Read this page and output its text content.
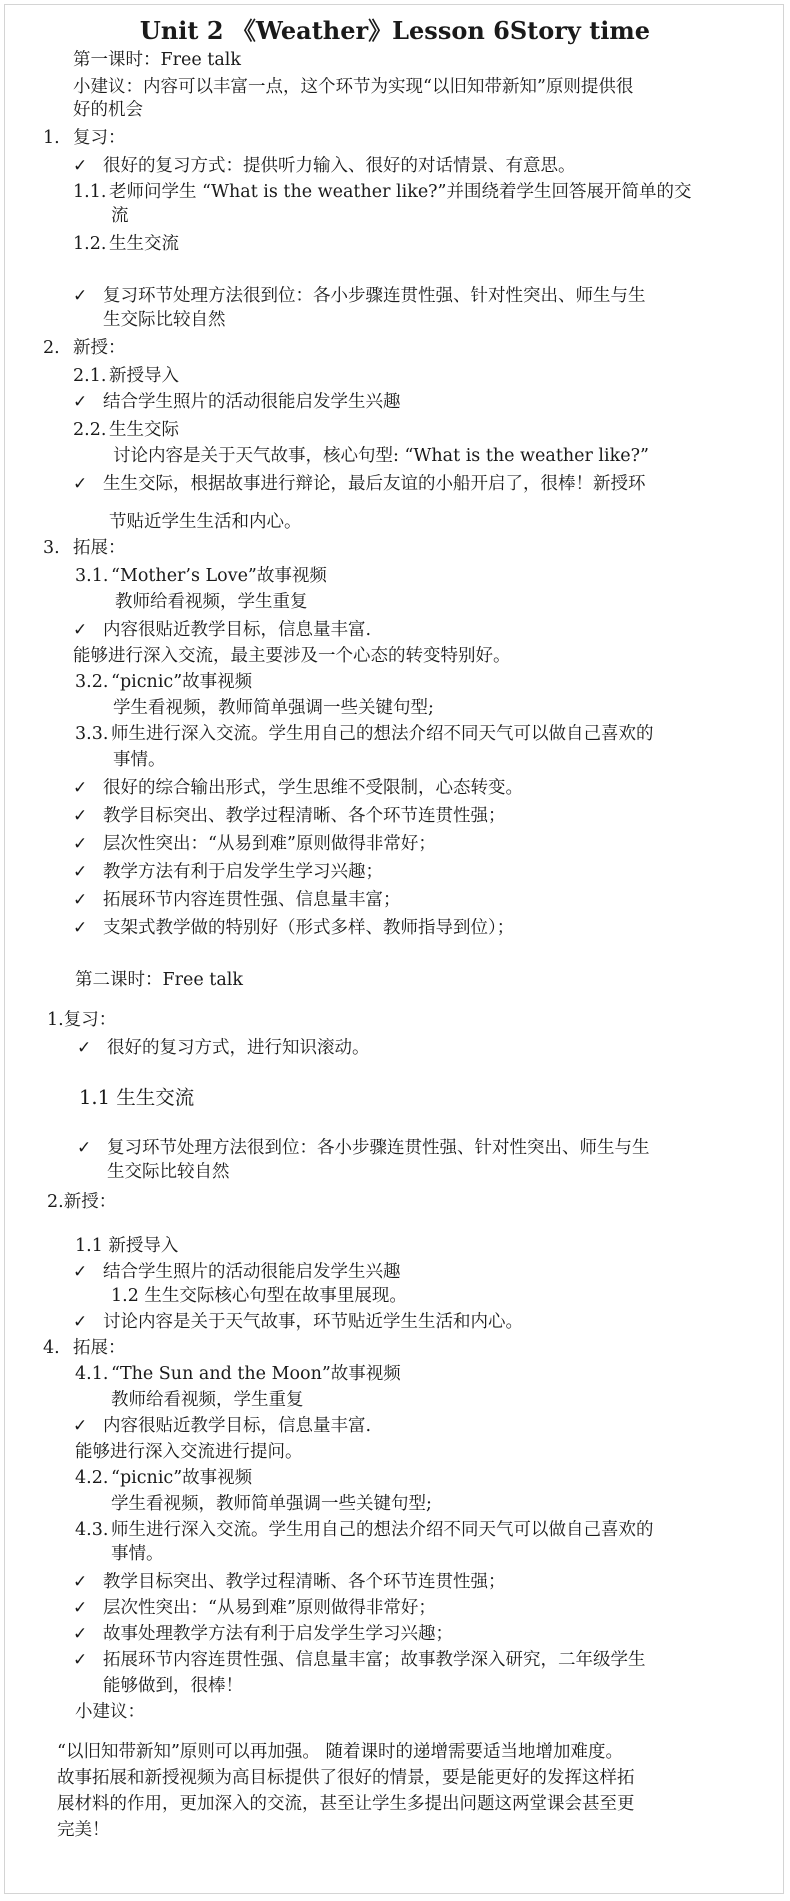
Unit 2 《Weather》Lesson 6Story time
第一课时：Free talk
小建议：内容可以丰富一点，这个环节为实现“以旧知带新知”原则提供很
好的机会
1. 复习：
✓ 很好的复习方式：提供听力输入、很好的对话情景、有意思。
1.1. 老师问学生 “What is the weather like?”并围绕着学生回答展开简单的交
流
1.2. 生生交流
✓ 复习环节处理方法很到位：各小步骤连贯性强、针对性突出、师生与生
生交际比较自然
2. 新授：
2.1. 新授导入
✓ 结合学生照片的活动很能启发学生兴趣
2.2. 生生交际
讨论内容是关于天气故事，核心句型: “What is the weather like?”
✓ 生生交际，根据故事进行辩论，最后友谊的小船开启了，很棒！新授环
节贴近学生生活和内心。
3. 拓展：
3.1. “Mother’s Love”故事视频
教师给看视频，学生重复
✓ 内容很贴近教学目标，信息量丰富.
能够进行深入交流，最主要涉及一个心态的转变特别好。
3.2. “picnic”故事视频
学生看视频，教师简单强调一些关键句型;
3.3. 师生进行深入交流。学生用自己的想法介绍不同天气可以做自己喜欢的
事情。
✓ 很好的综合输出形式，学生思维不受限制，心态转变。
✓ 教学目标突出、教学过程清晰、各个环节连贯性强；
✓ 层次性突出：“从易到难”原则做得非常好；
✓ 教学方法有利于启发学生学习兴趣；
✓ 拓展环节内容连贯性强、信息量丰富；
✓ 支架式教学做的特别好（形式多样、教师指导到位）；
第二课时：Free talk
1.复习：
✓ 很好的复习方式，进行知识滚动。
1.1 生生交流
✓ 复习环节处理方法很到位：各小步骤连贯性强、针对性突出、师生与生
生交际比较自然
2.新授：
1.1 新授导入
✓ 结合学生照片的活动很能启发学生兴趣
1.2 生生交际核心句型在故事里展现。
✓ 讨论内容是关于天气故事，环节贴近学生生活和内心。
4. 拓展：
4.1. “The Sun and the Moon”故事视频
教师给看视频，学生重复
✓ 内容很贴近教学目标，信息量丰富.
能够进行深入交流进行提问。
4.2. “picnic”故事视频
学生看视频，教师简单强调一些关键句型;
4.3. 师生进行深入交流。学生用自己的想法介绍不同天气可以做自己喜欢的
事情。
✓ 教学目标突出、教学过程清晰、各个环节连贯性强；
✓ 层次性突出：“从易到难”原则做得非常好；
✓ 故事处理教学方法有利于启发学生学习兴趣；
✓ 拓展环节内容连贯性强、信息量丰富；故事教学深入研究，二年级学生
能够做到，很棒！
小建议：
“以旧知带新知”原则可以再加强。 随着课时的递增需要适当地增加难度。
故事拓展和新授视频为高目标提供了很好的情景，要是能更好的发挥这样拓
展材料的作用，更加深入的交流，甚至让学生多提出问题这两堂课会甚至更
完美！
